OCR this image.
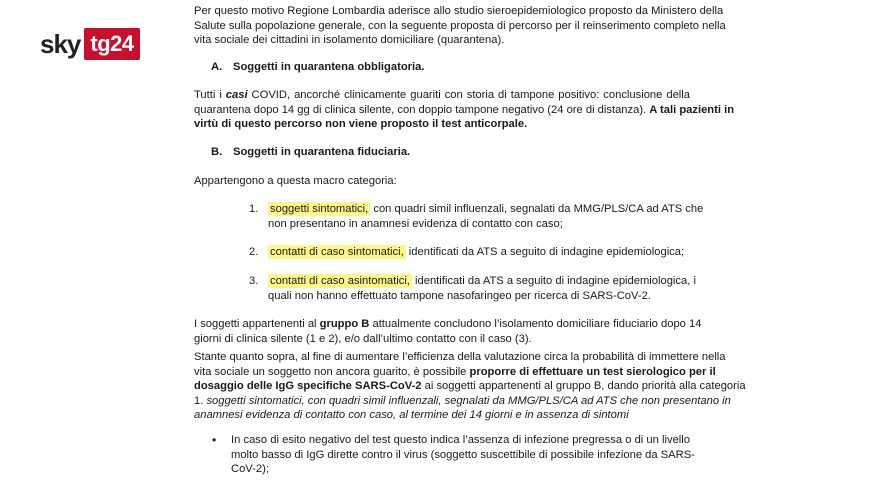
sky tg24
Per questo motivo Regione Lombardia aderisce allo studio sieroepidemiologico proposto da Ministero della
Salute sulla popolazione generale, con la seguente proposta di percorso per il reinserimento completo nella
vita sociale dei cittadini in isolamento domiciliare (quarantena).
A. Soggetti in quarantena obbligatoria.
Tutti i casi COVID, ancorché clinicamente guariti con storia di tampone positivo: conclusione della
quarantena dopo 14 gg di clinica silente, con doppio tampone negativo (24 ore di distanza). A tali pazienti in
virtù di questo percorso non viene proposto il test anticorpale.
B. Soggetti in quarantena fiduciaria.
Appartengono a questa macro categoria:
1. soggetti sintomatici, con quadri simil influenzali, segnalati da MMG/PLS/CA ad ATS che
non presentano in anamnesi evidenza di contatto con caso;
2. contatti di caso sintomatici, identificati da ATS a seguito di indagine epidemiologica;
3. contatti di caso asintomatici, identificati da ATS a seguito di indagine epidemiologica, i
quali non hanno effettuato tampone nasofaringeo per ricerca di SARS-CoV-2.
I soggetti appartenenti al gruppo B attualmente concludono l’isolamento domiciliare fiduciario dopo 14
giorni di clinica silente (1 e 2), e/o dall’ultimo contatto con il caso (3).
Stante quanto sopra, al fine di aumentare l’efficienza della valutazione circa la probabilità di immettere nella
vita sociale un soggetto non ancora guarito, è possibile proporre di effettuare un test sierologico per il
dosaggio delle IgG specifiche SARS-CoV-2 ai soggetti appartenenti al gruppo B, dando priorità alla categoria
1. soggetti sintomatici, con quadri simil influenzali, segnalati da MMG/PLS/CA ad ATS che non presentano in
anamnesi evidenza di contatto con caso, al termine dei 14 giorni e in assenza di sintomi
• In caso di esito negativo del test questo indica l’assenza di infezione pregressa o di un livello
molto basso di IgG dirette contro il virus (soggetto suscettibile di possibile infezione da SARS-
CoV-2);
